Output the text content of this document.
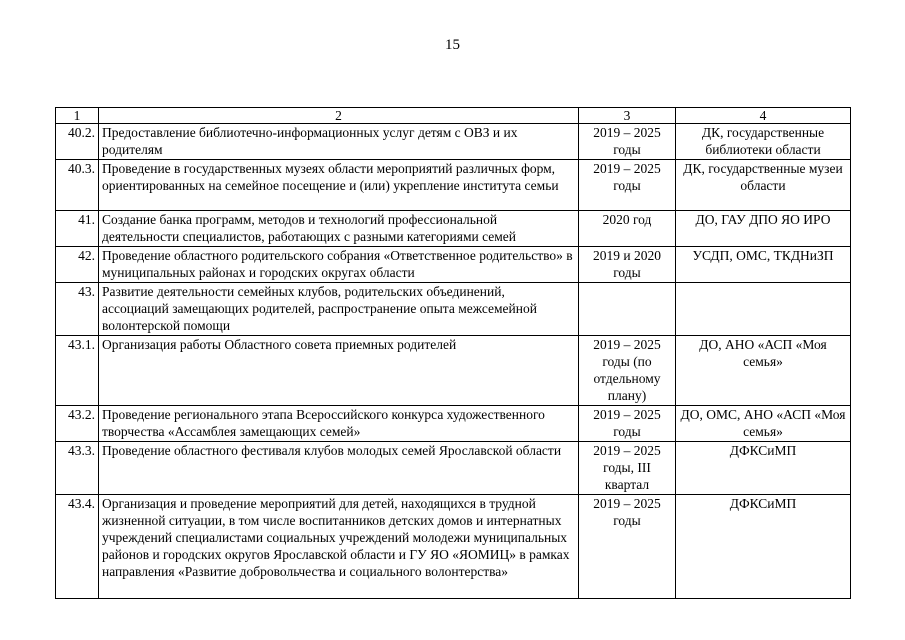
15
1	2	3	4
40.2.	Предоставление библиотечно-информационных услуг детям с ОВЗ и их родителям	2019 – 2025 годы	ДК, государственные библиотеки области
40.3.	Проведение в государственных музеях области мероприятий различных форм, ориентированных на семейное посещение и (или) укрепление института семьи	2019 – 2025 годы	ДК, государственные музеи области
41.	Создание банка программ, методов и технологий профессиональной деятельности специалистов, работающих с разными категориями семей	2020 год	ДО, ГАУ ДПО ЯО ИРО
42.	Проведение областного родительского собрания «Ответственное родительство» в муниципальных районах и городских округах области	2019 и 2020 годы	УСДП, ОМС, ТКДНиЗП
43.	Развитие деятельности семейных клубов, родительских объединений, ассоциаций замещающих родителей, распространение опыта межсемейной волонтерской помощи		
43.1.	Организация работы Областного совета приемных родителей	2019 – 2025 годы (по отдельному плану)	ДО, АНО «АСП «Моя семья»
43.2.	Проведение регионального этапа Всероссийского конкурса художественного творчества «Ассамблея замещающих семей»	2019 – 2025 годы	ДО, ОМС, АНО «АСП «Моя семья»
43.3.	Проведение областного фестиваля клубов молодых семей Ярославской области	2019 – 2025 годы, III квартал	ДФКСиМП
43.4.	Организация и проведение мероприятий для детей, находящихся в трудной жизненной ситуации, в том числе воспитанников детских домов и интернатных учреждений специалистами социальных учреждений молодежи муниципальных районов и городских округов Ярославской области и ГУ ЯО «ЯОМИЦ» в рамках направления «Развитие добровольчества и социального волонтерства»	2019 – 2025 годы	ДФКСиМП
